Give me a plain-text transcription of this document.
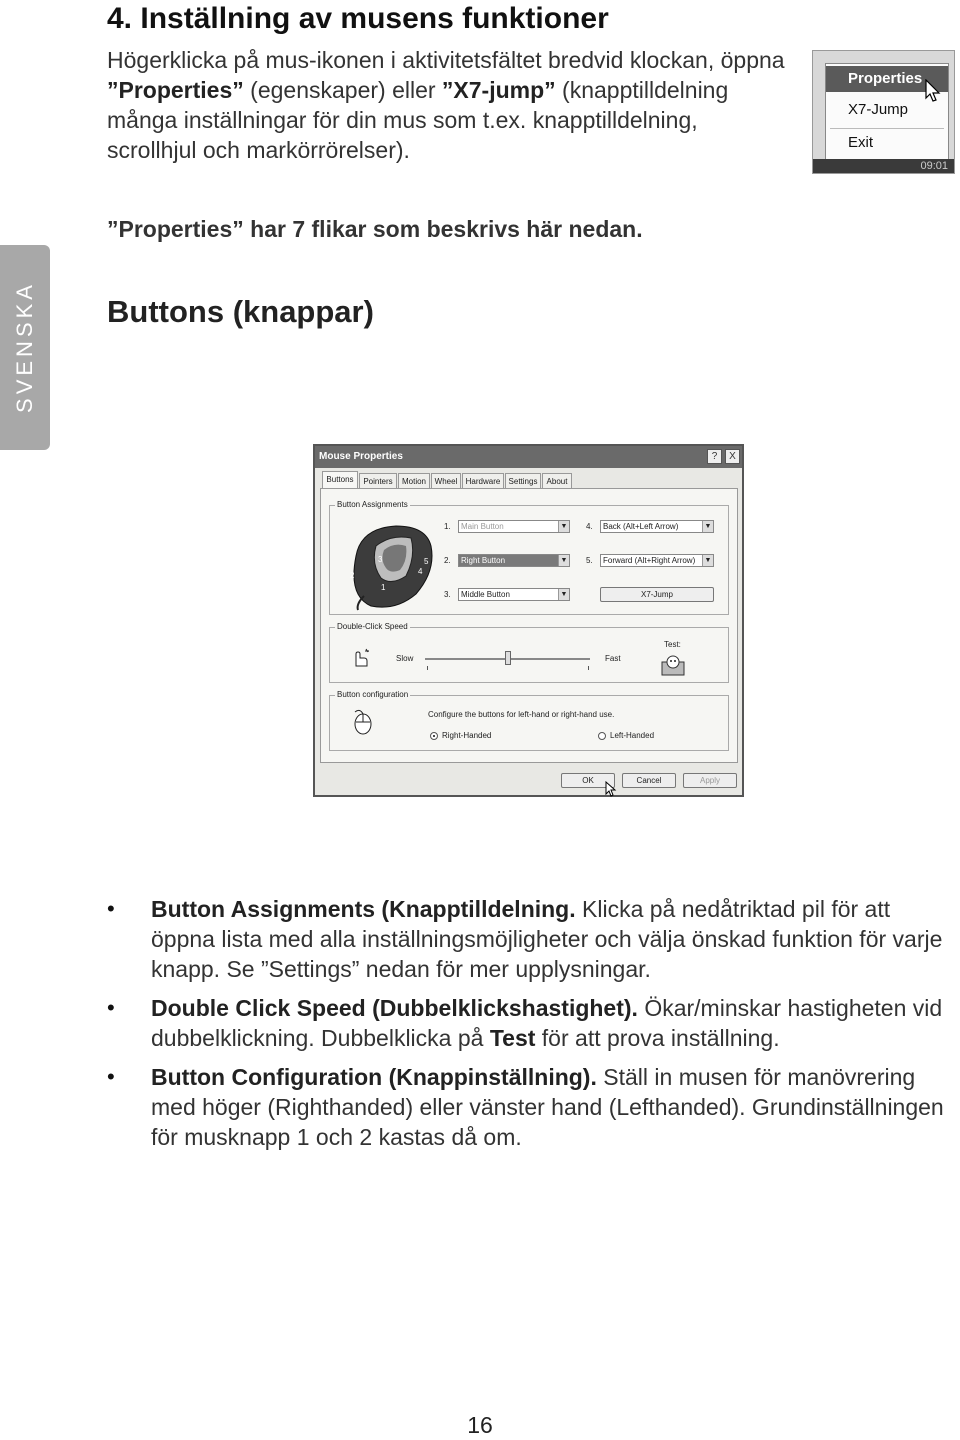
SVENSKA
4. Inställning av musens funktioner
Högerklicka på mus-ikonen i aktivitetsfältet bredvid klockan, öppna ”Properties” (egenskaper) eller ”X7-jump” (knapptilldelning många inställningar för din mus som t.ex. knapptilldelning, scrollhjul och markörrörelser).
Properties
X7-Jump
Exit
09:01
”Properties” har 7 flikar som beskrivs här nedan.
Buttons (knappar)
Mouse Properties	?	X
Buttons	Pointers	Motion	Wheel	Hardware	Settings	About
Button Assignments
2
3
1
5
4
1.	Main Button	▼
2.	Right Button	▼
3.	Middle Button	▼
4.	Back (Alt+Left Arrow)	▼
5.	Forward (Alt+Right Arrow)	▼
X7-Jump
Double-Click Speed
Slow	Fast
Test:
Button configuration
Configure the buttons for left-hand or right-hand use.
Right-Handed	Left-Handed
OK	Cancel	Apply
• Button Assignments (Knapptilldelning. Klicka på nedåtriktad pil för att öppna lista med alla inställningsmöjligheter och välja önskad funktion för varje knapp. Se ”Settings” nedan för mer upplysningar.
• Double Click Speed (Dubbelklickshastighet). Ökar/minskar hastigheten vid dubbelklickning. Dubbelklicka på Test för att prova inställning.
• Button Configuration (Knappinställning). Ställ in musen för manövrering med höger (Righthanded) eller vänster hand (Lefthanded). Grundinställningen för musknapp 1 och 2 kastas då om.
16
